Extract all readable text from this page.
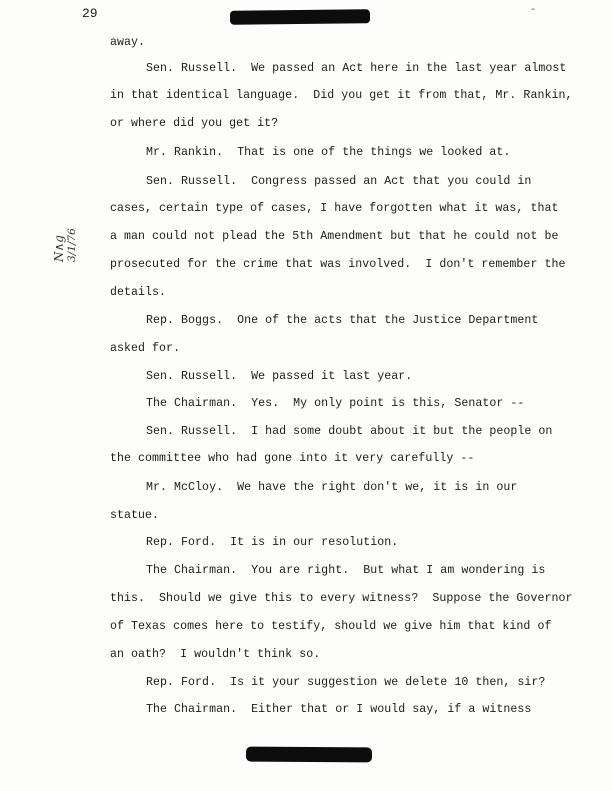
29	-
N∧g 3/1/76
away.
Sen. Russell.  We passed an Act here in the last year almost
in that identical language.  Did you get it from that, Mr. Rankin,
or where did you get it?
Mr. Rankin.  That is one of the things we looked at.
Sen. Russell.  Congress passed an Act that you could in
cases, certain type of cases, I have forgotten what it was, that
a man could not plead the 5th Amendment but that he could not be
prosecuted for the crime that was involved.  I don't remember the
details.
Rep. Boggs.  One of the acts that the Justice Department
asked for.
Sen. Russell.  We passed it last year.
The Chairman.  Yes.  My only point is this, Senator --
Sen. Russell.  I had some doubt about it but the people on
the committee who had gone into it very carefully --
Mr. McCloy.  We have the right don't we, it is in our
statue.
Rep. Ford.  It is in our resolution.
The Chairman.  You are right.  But what I am wondering is
this.  Should we give this to every witness?  Suppose the Governor
of Texas comes here to testify, should we give him that kind of
an oath?  I wouldn't think so.
Rep. Ford.  Is it your suggestion we delete 10 then, sir?
The Chairman.  Either that or I would say, if a witness
